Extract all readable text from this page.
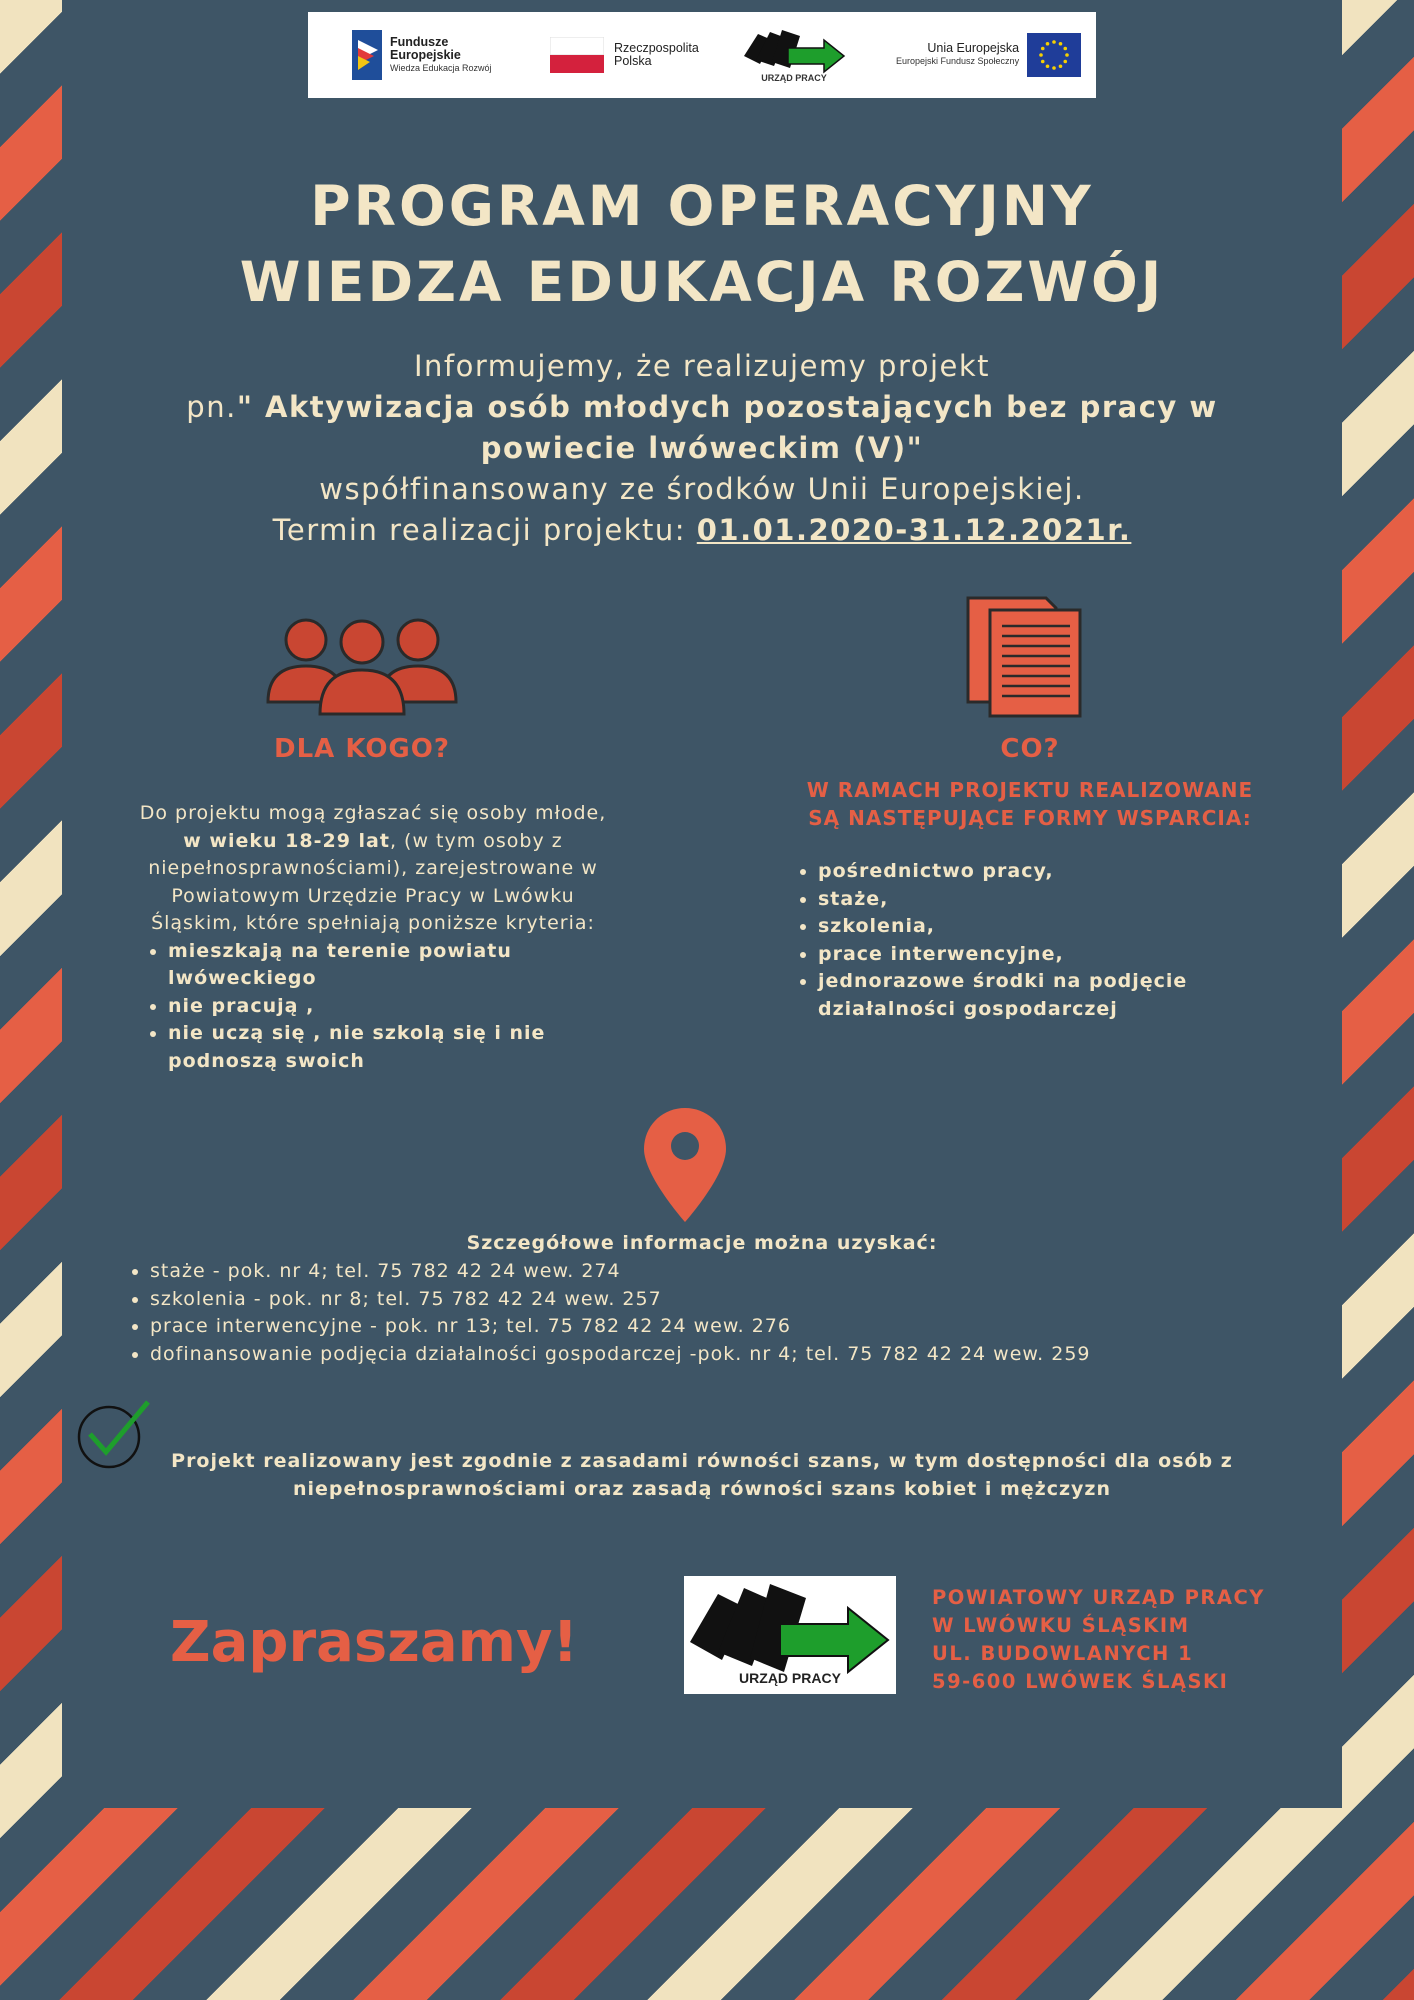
Fundusze
Europejskie
Wiedza Edukacja Rozwój
Rzeczpospolita
Polska
URZĄD PRACY
Unia Europejska
Europejski Fundusz Społeczny
PROGRAM OPERACYJNY
WIEDZA EDUKACJA ROZWÓJ
Informujemy, że realizujemy projekt
pn." Aktywizacja osób młodych pozostających bez pracy w
powiecie lwóweckim (V)"
współfinansowany ze środków Unii Europejskiej.
Termin realizacji projektu: 01.01.2020-31.12.2021r.
DLA KOGO?
Do projektu mogą zgłaszać się osoby młode, w wieku 18-29 lat, (w tym osoby z niepełnosprawnościami), zarejestrowane w Powiatowym Urzędzie Pracy w Lwówku Śląskim, które spełniają poniższe kryteria:
• mieszkają na terenie powiatu lwóweckiego
• nie pracują ,
• nie uczą się , nie szkolą się i nie podnoszą swoich
CO?
W RAMACH PROJEKTU REALIZOWANE
SĄ NASTĘPUJĄCE FORMY WSPARCIA:
• pośrednictwo pracy,
• staże,
• szkolenia,
• prace interwencyjne,
• jednorazowe środki na podjęcie działalności gospodarczej
Szczegółowe informacje można uzyskać:
• staże - pok. nr 4; tel. 75 782 42 24 wew. 274
• szkolenia - pok. nr 8; tel. 75 782 42 24 wew. 257
• prace interwencyjne - pok. nr 13; tel. 75 782 42 24 wew. 276
• dofinansowanie podjęcia działalności gospodarczej -pok. nr 4; tel. 75 782 42 24 wew. 259
Projekt realizowany jest zgodnie z zasadami równości szans, w tym dostępności dla osób z
niepełnosprawnościami oraz zasadą równości szans kobiet i mężczyzn
Zapraszamy!
URZĄD PRACY
POWIATOWY URZĄD PRACY
W LWÓWKU ŚLĄSKIM
UL. BUDOWLANYCH 1
59-600 LWÓWEK ŚLĄSKI
